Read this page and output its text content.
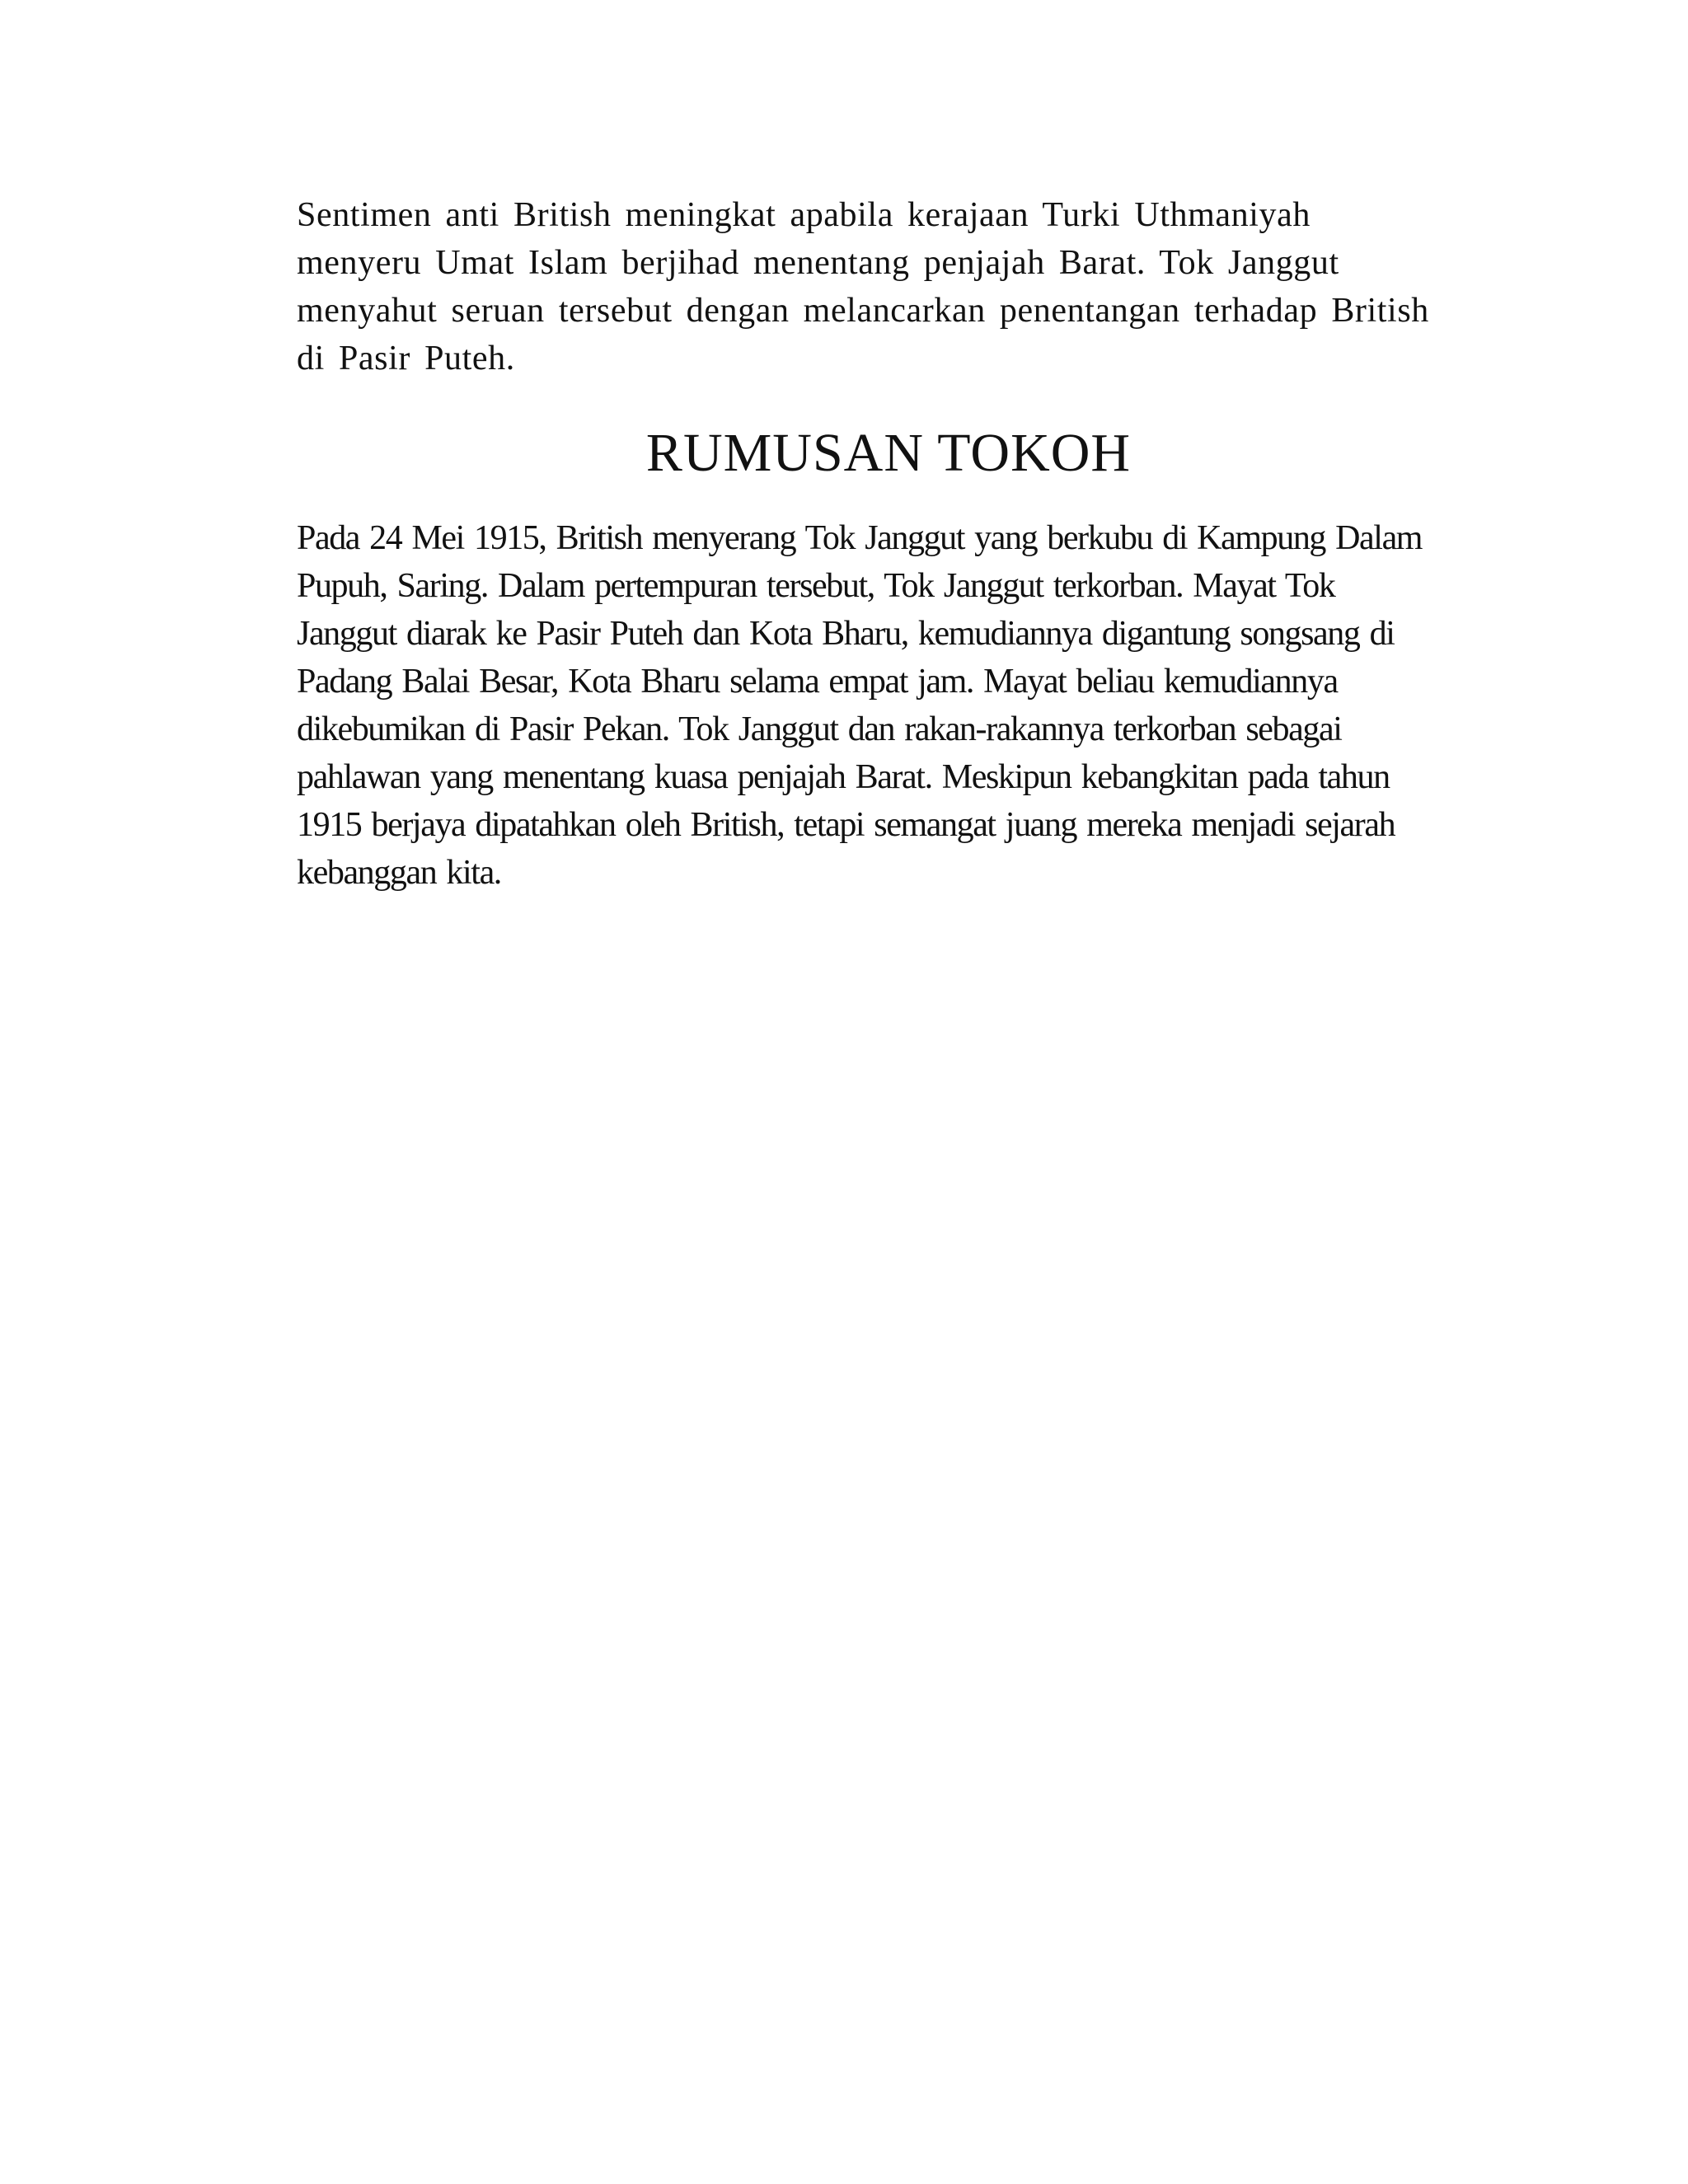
Sentimen anti British meningkat apabila kerajaan Turki Uthmaniyah

menyeru Umat Islam berjihad menentang penjajah Barat. Tok Janggut

menyahut seruan tersebut dengan melancarkan penentangan terhadap British

di Pasir Puteh.

RUMUSAN TOKOH

Pada 24 Mei 1915, British menyerang Tok Janggut yang berkubu di Kampung Dalam

Pupuh, Saring. Dalam pertempuran tersebut, Tok Janggut terkorban. Mayat Tok

Janggut diarak ke Pasir Puteh dan Kota Bharu, kemudiannya digantung songsang di

Padang Balai Besar, Kota Bharu selama empat jam. Mayat beliau kemudiannya

dikebumikan di Pasir Pekan. Tok Janggut dan rakan-rakannya terkorban sebagai

pahlawan yang menentang kuasa penjajah Barat. Meskipun kebangkitan pada tahun

1915 berjaya dipatahkan oleh British, tetapi semangat juang mereka menjadi sejarah

kebanggan kita.
